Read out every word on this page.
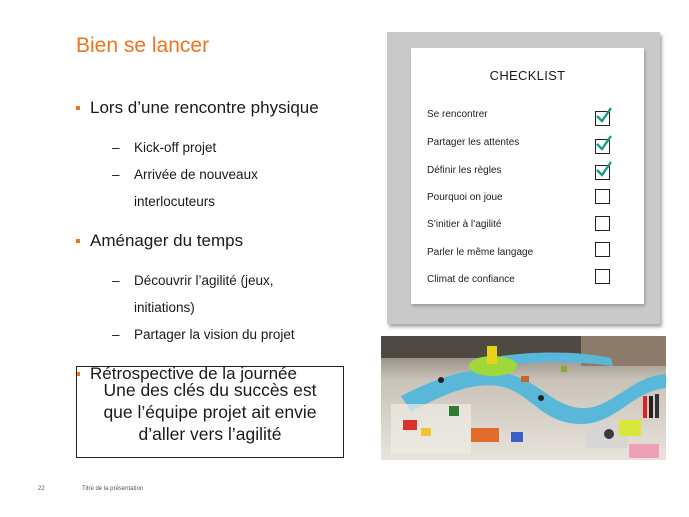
Bien se lancer
Lors d’une rencontre physique
– Kick-off projet
– Arrivée de nouveaux
interlocuteurs
Aménager du temps
– Découvrir l’agilité (jeux,
initiations)
– Partager la vision du projet
Rétrospective de la journée
Une des clés du succès est que l’équipe projet ait envie d’aller vers l’agilité
22	Titre de la présentation
CHECKLIST
Se rencontrer
Partager les attentes
Définir les règles
Pourquoi on joue
S’initier à l’agilité
Parler le même langage
Climat de confiance
